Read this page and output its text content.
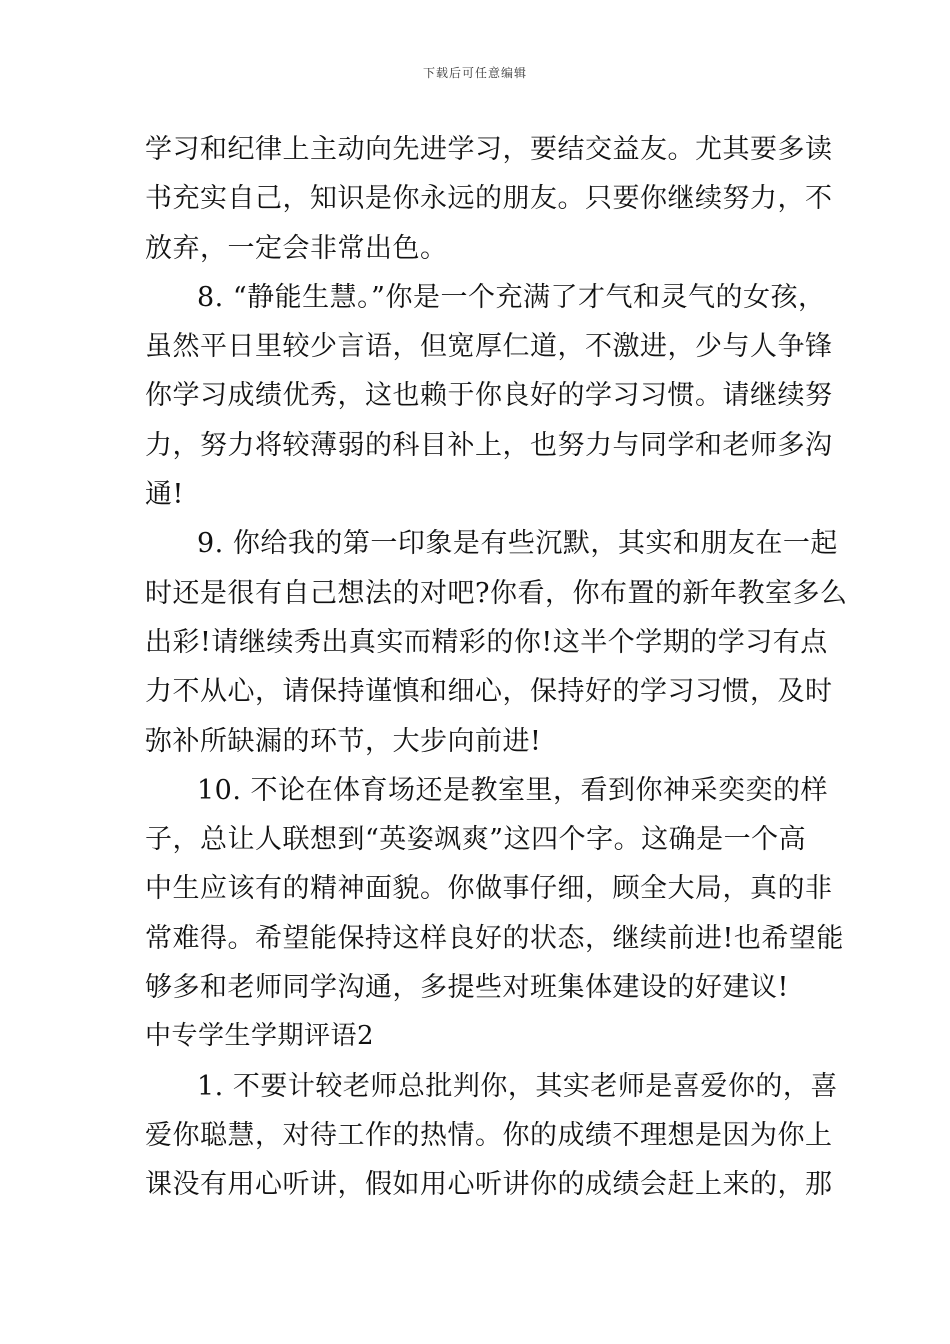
下载后可任意编辑
学习和纪律上主动向先进学习，要结交益友。尤其要多读
书充实自己，知识是你永远的朋友。只要你继续努力，不
放弃，一定会非常出色。
8. “静能生慧。”你是一个充满了才气和灵气的女孩，
虽然平日里较少言语，但宽厚仁道，不激进，少与人争锋
你学习成绩优秀，这也赖于你良好的学习习惯。请继续努
力，努力将较薄弱的科目补上，也努力与同学和老师多沟
通!
9. 你给我的第一印象是有些沉默，其实和朋友在一起
时还是很有自己想法的对吧?你看，你布置的新年教室多么
出彩!请继续秀出真实而精彩的你!这半个学期的学习有点
力不从心，请保持谨慎和细心，保持好的学习习惯，及时
弥补所缺漏的环节，大步向前进!
10. 不论在体育场还是教室里，看到你神采奕奕的样
子，总让人联想到“英姿飒爽”这四个字。这确是一个高
中生应该有的精神面貌。你做事仔细，顾全大局，真的非
常难得。希望能保持这样良好的状态，继续前进!也希望能
够多和老师同学沟通，多提些对班集体建设的好建议!
中专学生学期评语2
1. 不要计较老师总批判你，其实老师是喜爱你的，喜
爱你聪慧，对待工作的热情。你的成绩不理想是因为你上
课没有用心听讲，假如用心听讲你的成绩会赶上来的，那
